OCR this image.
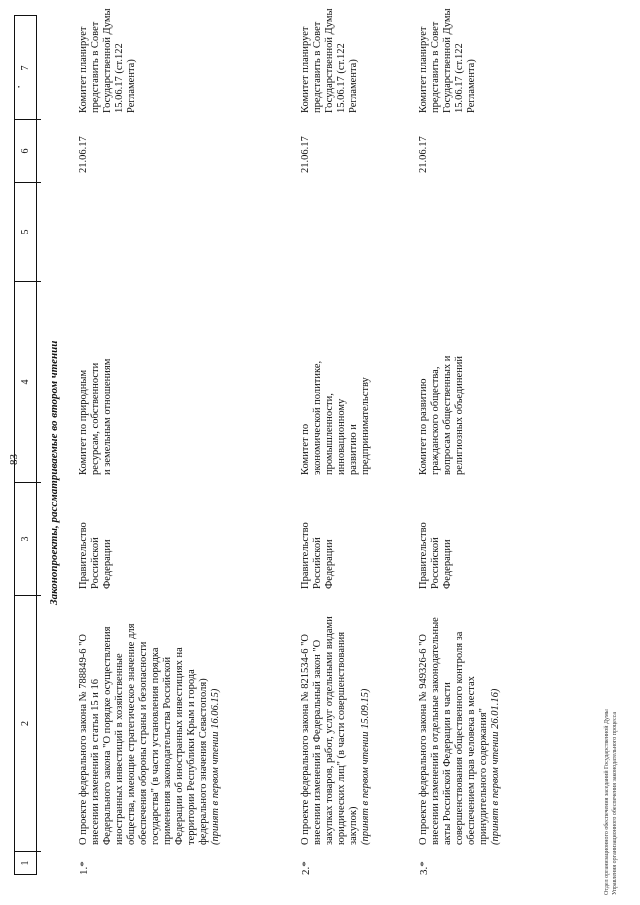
83
·
1
2
3
4
5
6
7
Законопроекты, рассматриваемые во втором чтении
1.*
О проекте федерального закона № 788849-6 "О внесении изменений в статьи 15 и 16 Федерального закона "О порядке осуществления иностранных инвестиций в хозяйственные общества, имеющие стратегическое значение для обеспечения обороны страны и безопасности государства" (в части установления порядка применения законодательства Российской Федерации об иностранных инвестициях на территории Республики Крым и города федерального значения Севастополя)
(принят в первом чтении 16.06.15)
Правительство Российской Федерации
Комитет по природным ресурсам, собственности и земельным отношениям
21.06.17
Комитет планирует представить в Совет Государственной Думы 15.06.17 (ст.122 Регламента)
2.*
О проекте федерального закона № 821534-6 "О внесении изменений в Федеральный закон "О закупках товаров, работ, услуг отдельными видами юридических лиц" (в части совершенствования закупок)
(принят в первом чтении 15.09.15)
Правительство Российской Федерации
Комитет по экономической политике, промышленности, инновационному развитию и предпринимательству
21.06.17
Комитет планирует представить в Совет Государственной Думы 15.06.17 (ст.122 Регламента)
3.*
О проекте федерального закона № 949326-6 "О внесении изменений в отдельные законодательные акты Российской Федерации в части совершенствования общественного контроля за обеспечением прав человека в местах принудительного содержания"
(принят в первом чтении 26.01.16)
Правительство Российской Федерации
Комитет по развитию гражданского общества, вопросам общественных и религиозных объединений
21.06.17
Комитет планирует представить в Совет Государственной Думы 15.06.17 (ст.122 Регламента)
Отдел организационного обеспечения заседаний Государственной Думы Управления организационного обеспечения законодательного процесса
